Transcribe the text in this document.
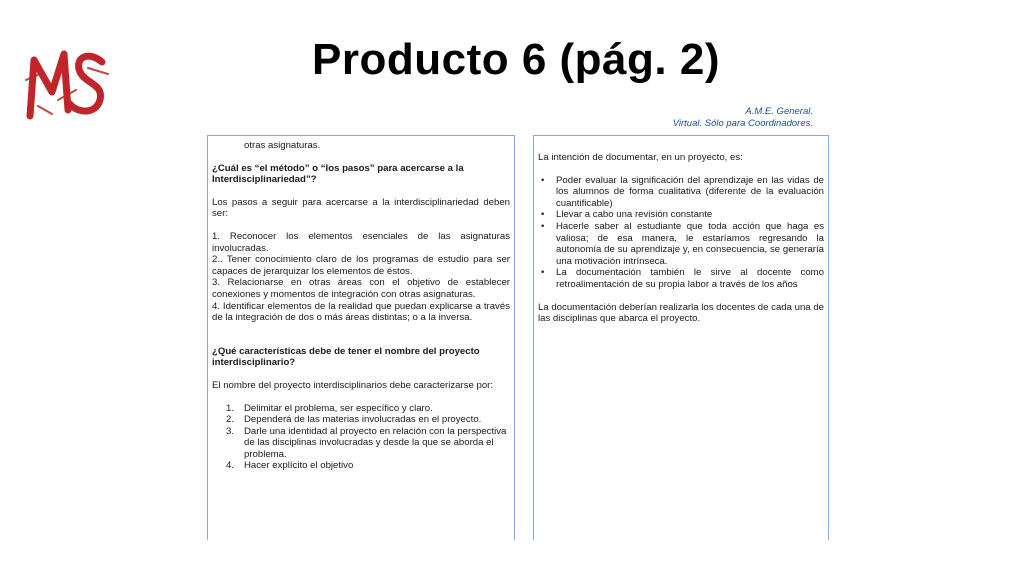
Producto 6 (pág. 2)
A.M.E. General.
Virtual. Sólo para Coordinadores.

otras asignaturas.

¿Cuál es “el método” o “los pasos” para acercarse a la Interdisciplinariedad”?

Los pasos a seguir para acercarse a la interdisciplinariedad deben ser:

1. Reconocer los elementos esenciales de las asignaturas involucradas.

2.. Tener conocimiento claro de los programas de estudio para ser capaces de jerarquizar los elementos de éstos.

3. Relacionarse en otras áreas con el objetivo de establecer conexiones y momentos de integración con otras asignaturas.

4. Identificar elementos de la realidad que puedan explicarse a través de la integración de dos o más áreas distintas; o a la inversa.

¿Qué características debe de tener el nombre del proyecto interdisciplinario?

El nombre del proyecto interdisciplinarios debe caracterizarse por:

1. Delimitar el problema, ser específico y claro.
2. Dependerá de las materias involucradas en el proyecto.
3. Darle una identidad al proyecto en relación con la perspectiva de las disciplinas involucradas y desde la que se aborda el problema.
4. Hacer explícito el objetivo

La intención de documentar, en un proyecto, es:

• Poder evaluar la significación del aprendizaje en las vidas de los alumnos de forma cualitativa (diferente de la evaluación cuantificable)
• Llevar a cabo una revisión constante
• Hacerle saber al estudiante que toda acción que haga es valiosa; de esa manera, le estaríamos regresando la autonomía de su aprendizaje y, en consecuencia, se generaría una motivación intrínseca.
• La documentación también le sirve al docente como retroalimentación de su propia labor a través de los años

La documentación deberían realizarla los docentes de cada una de las disciplinas que abarca el proyecto.
